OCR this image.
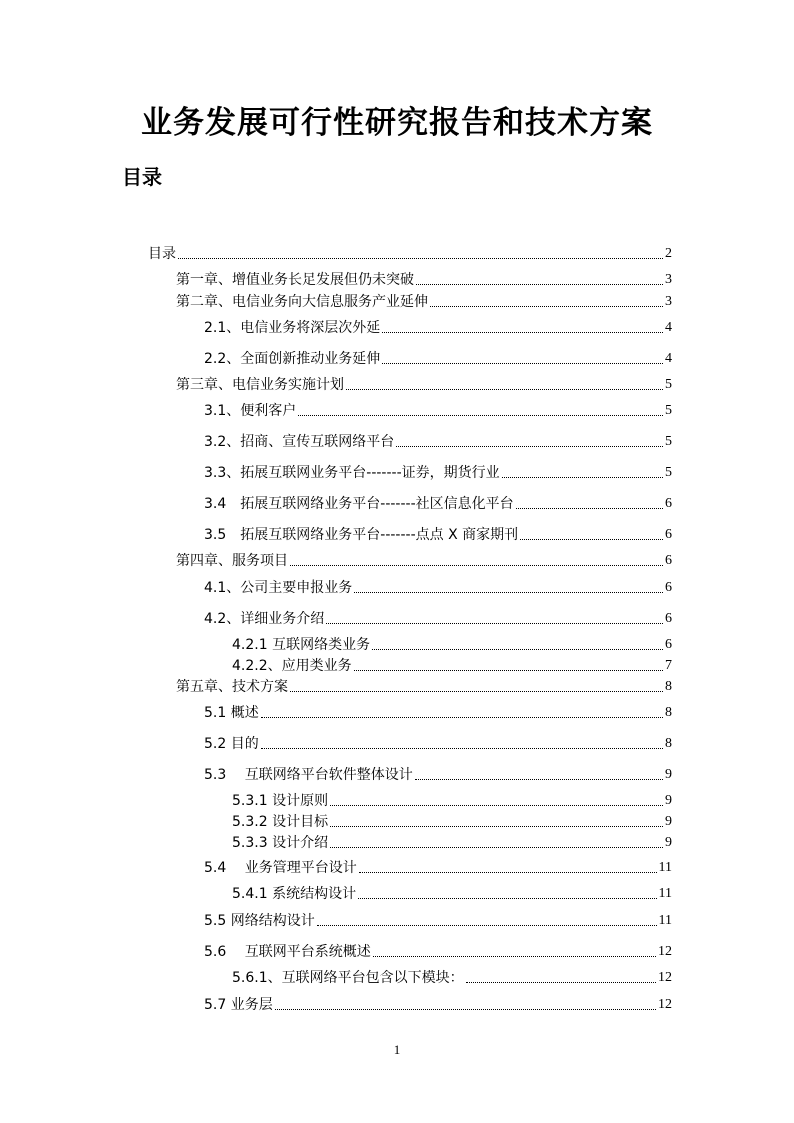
业务发展可行性研究报告和技术方案
目录
目录	2
第一章、增值业务长足发展但仍未突破	3
第二章、电信业务向大信息服务产业延伸	3
2.1、电信业务将深层次外延	4
2.2、全面创新推动业务延伸	4
第三章、电信业务实施计划	5
3.1、便利客户	5
3.2、招商、宣传互联网络平台	5
3.3、拓展互联网业务平台-------证券，期货行业	5
3.4　拓展互联网络业务平台-------社区信息化平台	6
3.5　拓展互联网络业务平台-------点点 X 商家期刊	6
第四章、服务项目	6
4.1、公司主要申报业务	6
4.2、详细业务介绍	6
4.2.1 互联网络类业务	6
4.2.2、应用类业务	7
第五章、技术方案	8
5.1 概述	8
5.2 目的	8
5.3　 互联网络平台软件整体设计	9
5.3.1 设计原则	9
5.3.2 设计目标	9
5.3.3 设计介绍	9
5.4　 业务管理平台设计	11
5.4.1 系统结构设计	11
5.5 网络结构设计	11
5.6　 互联网平台系统概述	12
5.6.1、互联网络平台包含以下模块：	12
5.7 业务层	12
1
